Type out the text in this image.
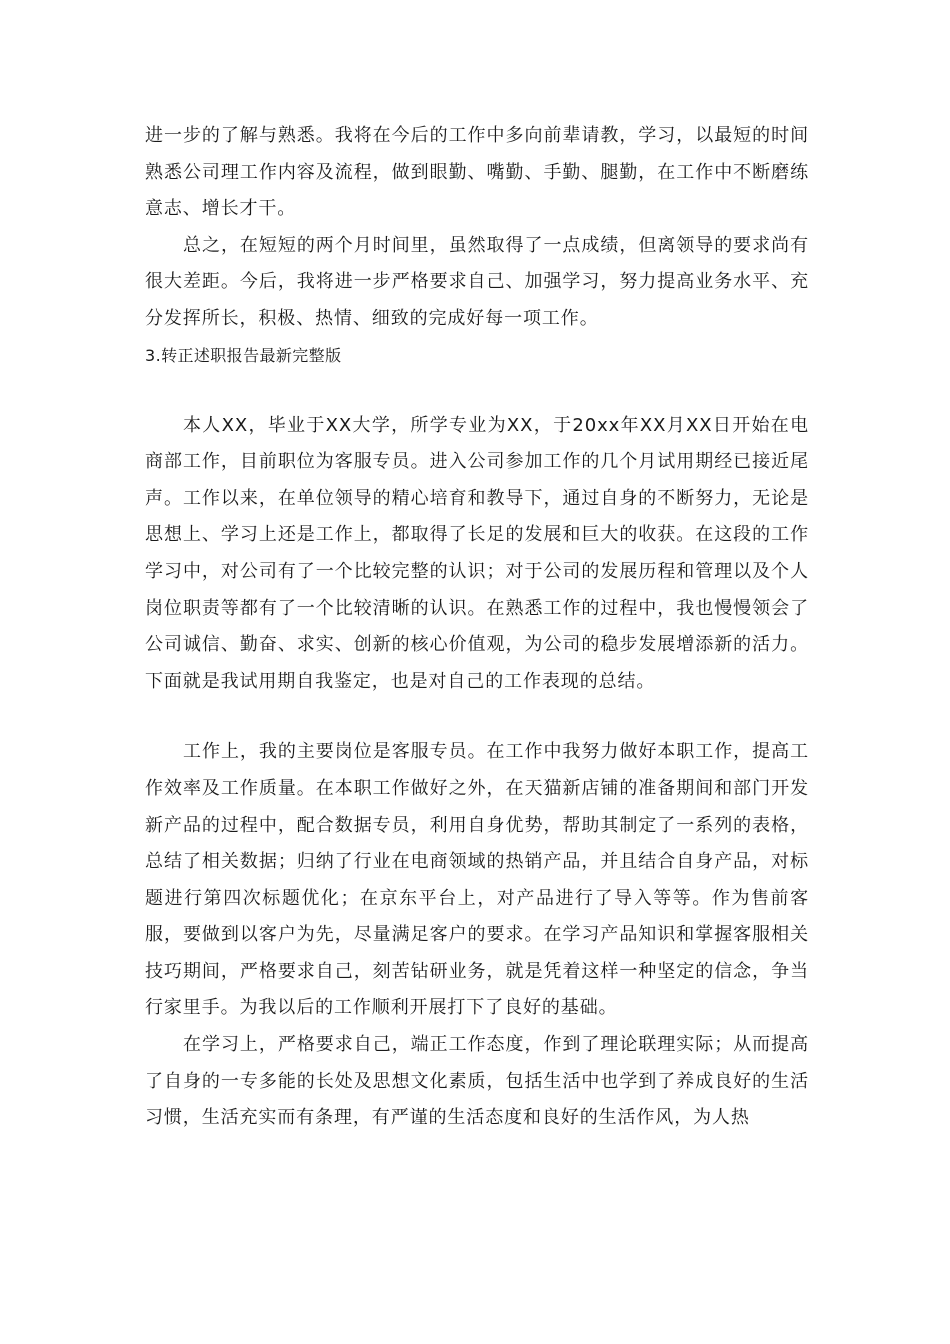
进一步的了解与熟悉。我将在今后的工作中多向前辈请教，学习，以最短的时间熟悉公司理工作内容及流程，做到眼勤、嘴勤、手勤、腿勤，在工作中不断磨练意志、增长才干。

总之，在短短的两个月时间里，虽然取得了一点成绩，但离领导的要求尚有很大差距。今后，我将进一步严格要求自己、加强学习，努力提高业务水平、充分发挥所长，积极、热情、细致的完成好每一项工作。

3.转正述职报告最新完整版

本人XX，毕业于XX大学，所学专业为XX，于20xx年XX月XX日开始在电商部工作，目前职位为客服专员。进入公司参加工作的几个月试用期经已接近尾声。工作以来，在单位领导的精心培育和教导下，通过自身的不断努力，无论是思想上、学习上还是工作上，都取得了长足的发展和巨大的收获。在这段的工作学习中，对公司有了一个比较完整的认识；对于公司的发展历程和管理以及个人岗位职责等都有了一个比较清晰的认识。在熟悉工作的过程中，我也慢慢领会了公司诚信、勤奋、求实、创新的核心价值观，为公司的稳步发展增添新的活力。下面就是我试用期自我鉴定，也是对自己的工作表现的总结。

工作上，我的主要岗位是客服专员。在工作中我努力做好本职工作，提高工作效率及工作质量。在本职工作做好之外，在天猫新店铺的准备期间和部门开发新产品的过程中，配合数据专员，利用自身优势，帮助其制定了一系列的表格，总结了相关数据；归纳了行业在电商领域的热销产品，并且结合自身产品，对标题进行第四次标题优化；在京东平台上，对产品进行了导入等等。作为售前客服，要做到以客户为先，尽量满足客户的要求。在学习产品知识和掌握客服相关技巧期间，严格要求自己，刻苦钻研业务，就是凭着这样一种坚定的信念，争当行家里手。为我以后的工作顺利开展打下了良好的基础。

在学习上，严格要求自己，端正工作态度，作到了理论联理实际；从而提高了自身的一专多能的长处及思想文化素质，包括生活中也学到了养成良好的生活习惯，生活充实而有条理，有严谨的生活态度和良好的生活作风，为人热
